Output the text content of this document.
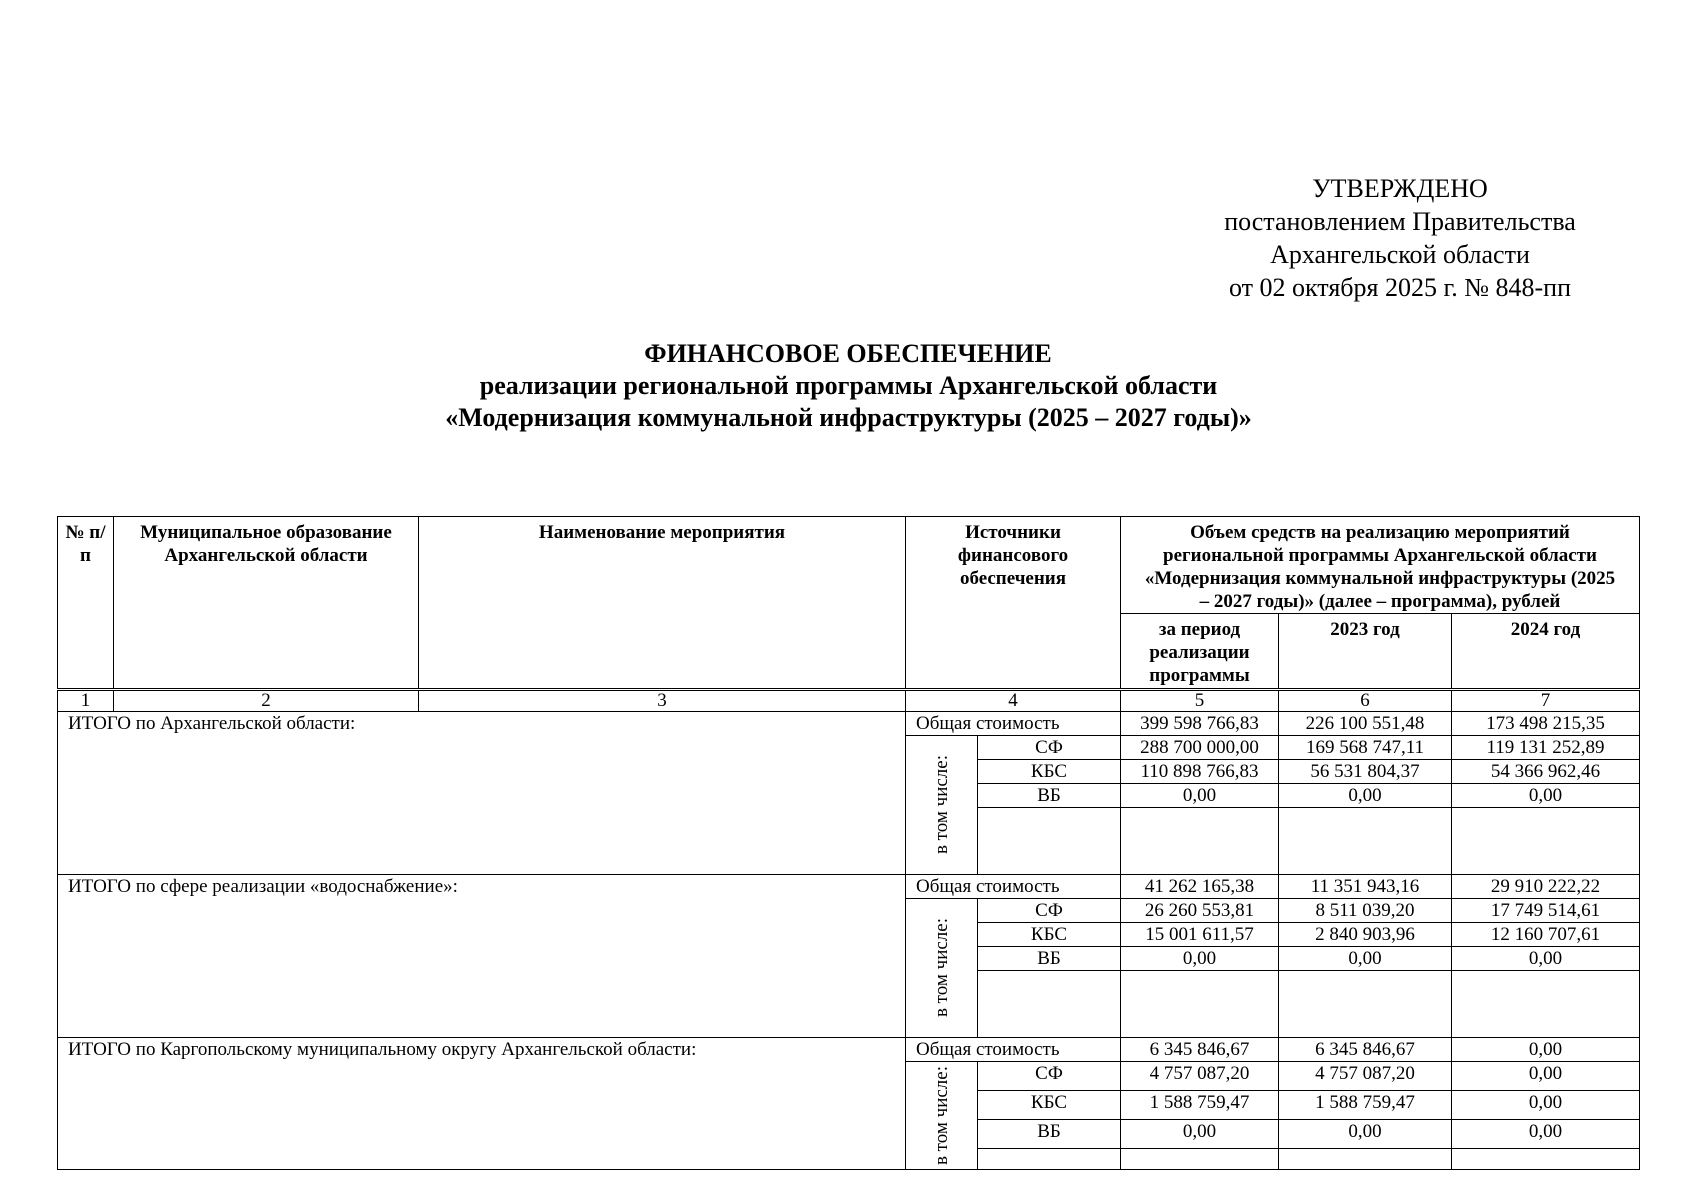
УТВЕРЖДЕНО
постановлением Правительства
Архангельской области
от 02 октября 2025 г. № 848-пп
ФИНАНСОВОЕ ОБЕСПЕЧЕНИЕ
реализации региональной программы Архангельской области
«Модернизация коммунальной инфраструктуры (2025 – 2027 годы)»
№ п/п	Муниципальное образование Архангельской области	Наименование мероприятия	Источники финансового обеспечения		Объем средств на реализацию мероприятий региональной программы Архангельской области «Модернизация коммунальной инфраструктуры (2025 – 2027 годы)» (далее – программа), рублей		
					за период реализации программы	2023 год	2024 год
1	2	3	4		5	6	7
ИТОГО по Архангельской области:			Общая стоимость		399 598 766,83	226 100 551,48	173 498 215,35

			в том числе:	СФ	288 700 000,00	169 568 747,11	119 131 252,89
				КБС	110 898 766,83	56 531 804,37	54 366 962,46
				ВБ	0,00	0,00	0,00

ИТОГО по сфере реализации «водоснабжение»:			Общая стоимость		41 262 165,38	11 351 943,16	29 910 222,22

			в том числе:	СФ	26 260 553,81	8 511 039,20	17 749 514,61
				КБС	15 001 611,57	2 840 903,96	12 160 707,61
				ВБ	0,00	0,00	0,00

ИТОГО по Каргопольскому муниципальному округу Архангельской области:			Общая стоимость		6 345 846,67	6 345 846,67	0,00

			в том числе:	СФ	4 757 087,20	4 757 087,20	0,00
				КБС	1 588 759,47	1 588 759,47	0,00
				ВБ	0,00	0,00	0,00
